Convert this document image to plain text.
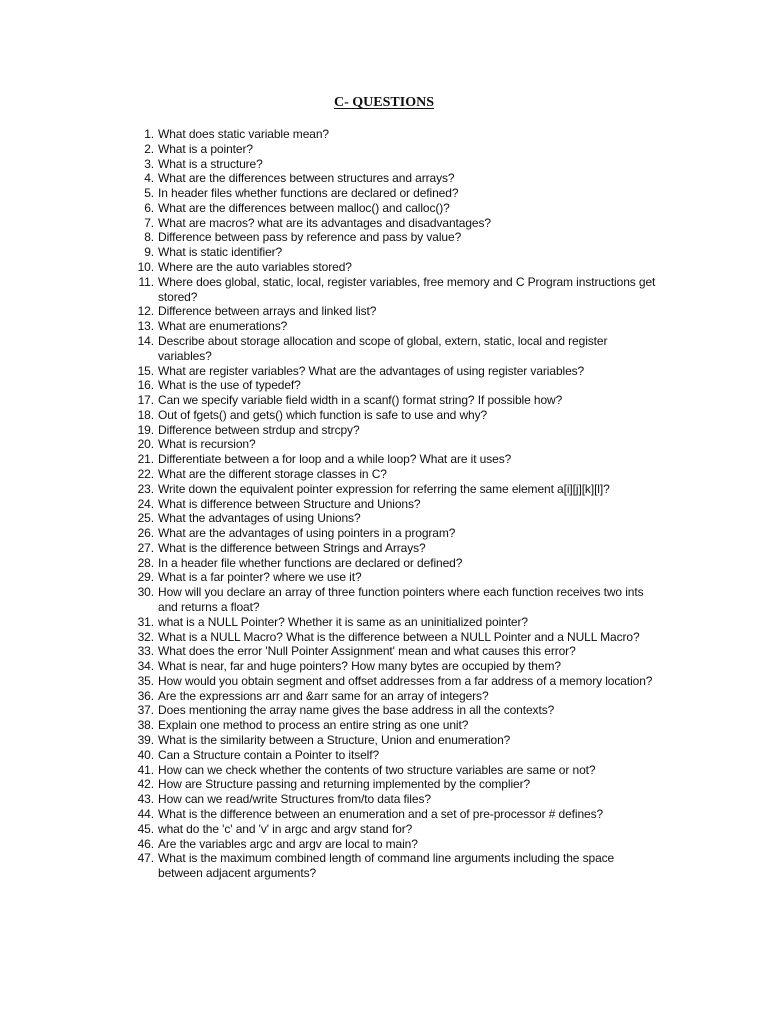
C- QUESTIONS
1. What does static variable mean?
2. What is a pointer?
3. What is a structure?
4. What are the differences between structures and arrays?
5. In header files whether functions are declared or defined?
6. What are the differences between malloc() and calloc()?
7. What are macros? what are its advantages and disadvantages?
8. Difference between pass by reference and pass by value?
9. What is static identifier?
10. Where are the auto variables stored?
11. Where does global, static, local, register variables, free memory and C Program instructions get stored?
12. Difference between arrays and linked list?
13. What are enumerations?
14. Describe about storage allocation and scope of global, extern, static, local and register variables?
15. What are register variables? What are the advantages of using register variables?
16. What is the use of typedef?
17. Can we specify variable field width in a scanf() format string? If possible how?
18. Out of fgets() and gets() which function is safe to use and why?
19. Difference between strdup and strcpy?
20. What is recursion?
21. Differentiate between a for loop and a while loop? What are it uses?
22. What are the different storage classes in C?
23. Write down the equivalent pointer expression for referring the same element a[i][j][k][l]?
24. What is difference between Structure and Unions?
25. What the advantages of using Unions?
26. What are the advantages of using pointers in a program?
27. What is the difference between Strings and Arrays?
28. In a header file whether functions are declared or defined?
29. What is a far pointer? where we use it?
30. How will you declare an array of three function pointers where each function receives two ints and returns a float?
31. what is a NULL Pointer? Whether it is same as an uninitialized pointer?
32. What is a NULL Macro? What is the difference between a NULL Pointer and a NULL Macro?
33. What does the error 'Null Pointer Assignment' mean and what causes this error?
34. What is near, far and huge pointers? How many bytes are occupied by them?
35. How would you obtain segment and offset addresses from a far address of a memory location?
36. Are the expressions arr and &arr same for an array of integers?
37. Does mentioning the array name gives the base address in all the contexts?
38. Explain one method to process an entire string as one unit?
39. What is the similarity between a Structure, Union and enumeration?
40. Can a Structure contain a Pointer to itself?
41. How can we check whether the contents of two structure variables are same or not?
42. How are Structure passing and returning implemented by the complier?
43. How can we read/write Structures from/to data files?
44. What is the difference between an enumeration and a set of pre-processor # defines?
45. what do the 'c' and 'v' in argc and argv stand for?
46. Are the variables argc and argv are local to main?
47. What is the maximum combined length of command line arguments including the space between adjacent arguments?
